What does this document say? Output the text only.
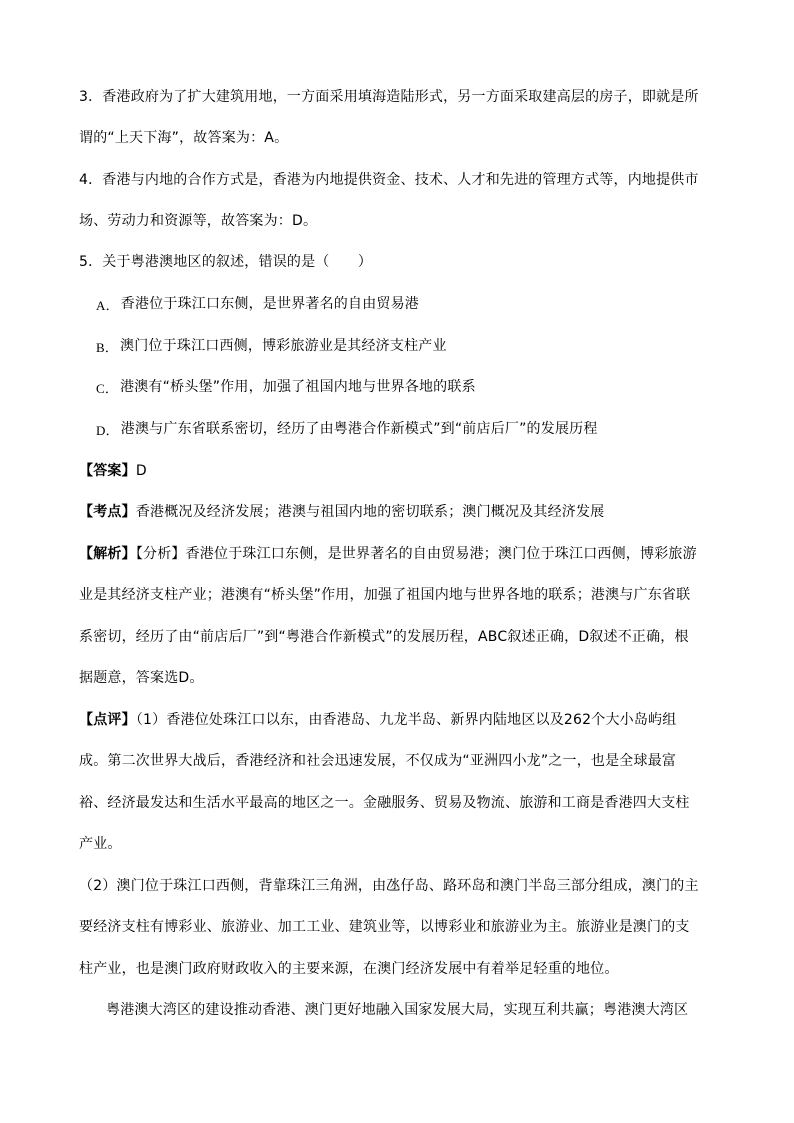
3．香港政府为了扩大建筑用地，一方面采用填海造陆形式，另一方面采取建高层的房子，即就是所
谓的“上天下海”，故答案为：A。
4．香港与内地的合作方式是，香港为内地提供资金、技术、人才和先进的管理方式等，内地提供市
场、劳动力和资源等，故答案为：D。
5．关于粤港澳地区的叙述，错误的是（　　）
A． 香港位于珠江口东侧，是世界著名的自由贸易港
B． 澳门位于珠江口西侧，博彩旅游业是其经济支柱产业
C． 港澳有“桥头堡”作用，加强了祖国内地与世界各地的联系
D． 港澳与广东省联系密切，经历了由粤港合作新模式”到“前店后厂”的发展历程
【答案】D
【考点】香港概况及经济发展；港澳与祖国内地的密切联系；澳门概况及其经济发展
【解析】【分析】香港位于珠江口东侧，是世界著名的自由贸易港；澳门位于珠江口西侧，博彩旅游
业是其经济支柱产业；港澳有“桥头堡”作用，加强了祖国内地与世界各地的联系；港澳与广东省联
系密切，经历了由“前店后厂”到“粤港合作新模式”的发展历程，ABC叙述正确，D叙述不正确，根
据题意，答案选D。
【点评】（1）香港位处珠江口以东，由香港岛、九龙半岛、新界内陆地区以及262个大小岛屿组
成。第二次世界大战后，香港经济和社会迅速发展，不仅成为“亚洲四小龙”之一，也是全球最富
裕、经济最发达和生活水平最高的地区之一。金融服务、贸易及物流、旅游和工商是香港四大支柱
产业。
（2）澳门位于珠江口西侧，背靠珠江三角洲，由氹仔岛、路环岛和澳门半岛三部分组成，澳门的主
要经济支柱有博彩业、旅游业、加工工业、建筑业等，以博彩业和旅游业为主。旅游业是澳门的支
柱产业，也是澳门政府财政收入的主要来源，在澳门经济发展中有着举足轻重的地位。
粤港澳大湾区的建设推动香港、澳门更好地融入国家发展大局，实现互利共赢；粤港澳大湾区
